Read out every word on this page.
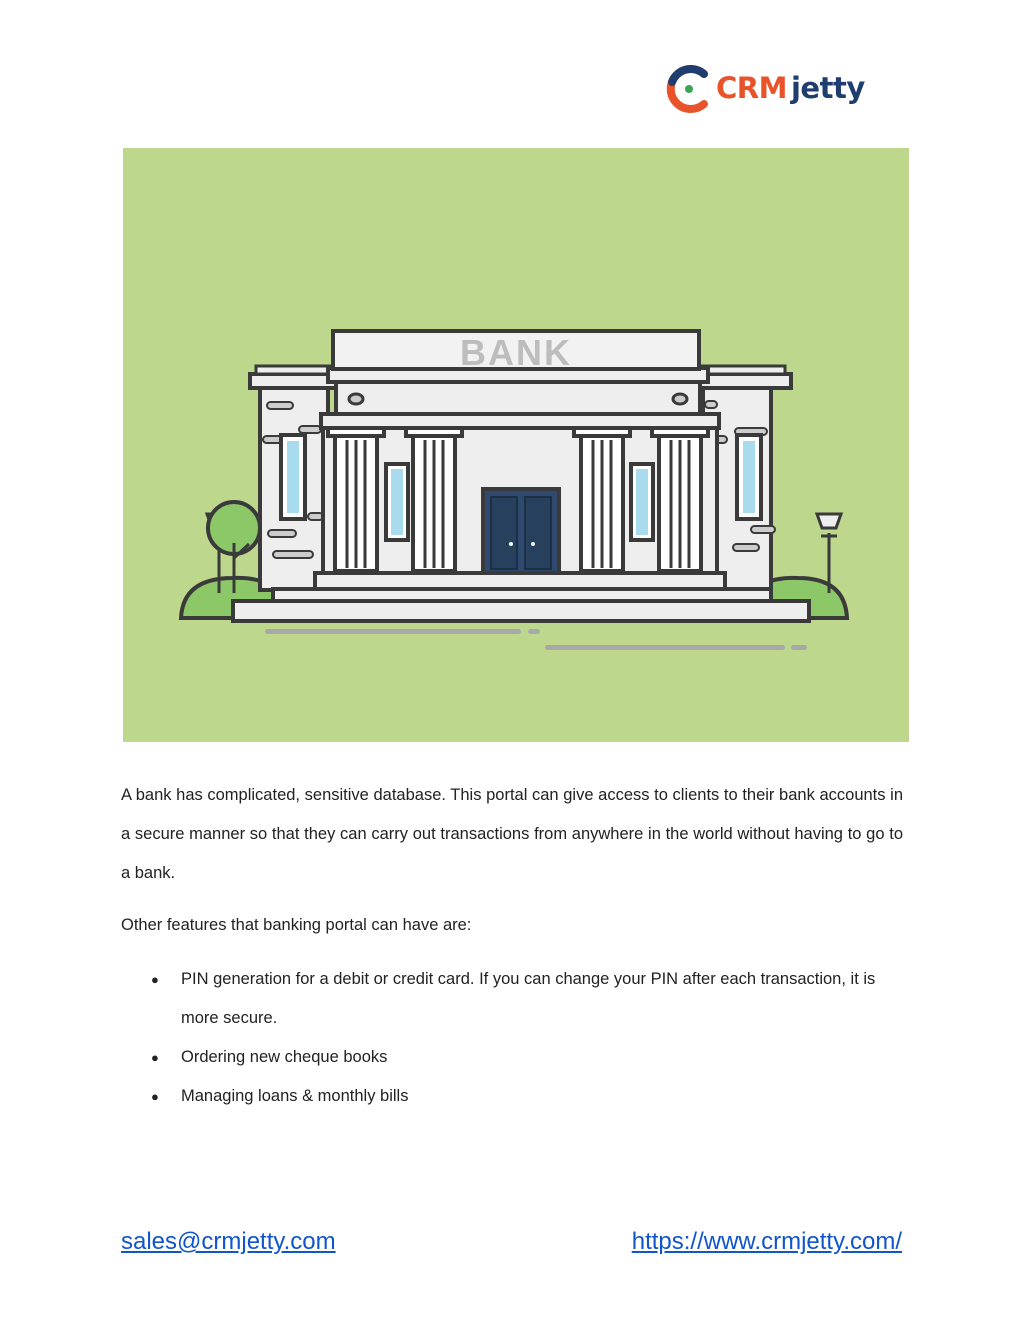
CRM jetty
BANK

A bank has complicated, sensitive database. This portal can give access to clients to their bank accounts in a secure manner so that they can carry out transactions from anywhere in the world without having to go to a bank.

Other features that banking portal can have are:

● PIN generation for a debit or credit card. If you can change your PIN after each transaction, it is more secure.
● Ordering new cheque books
● Managing loans & monthly bills
sales@crmjetty.com	https://www.crmjetty.com/
